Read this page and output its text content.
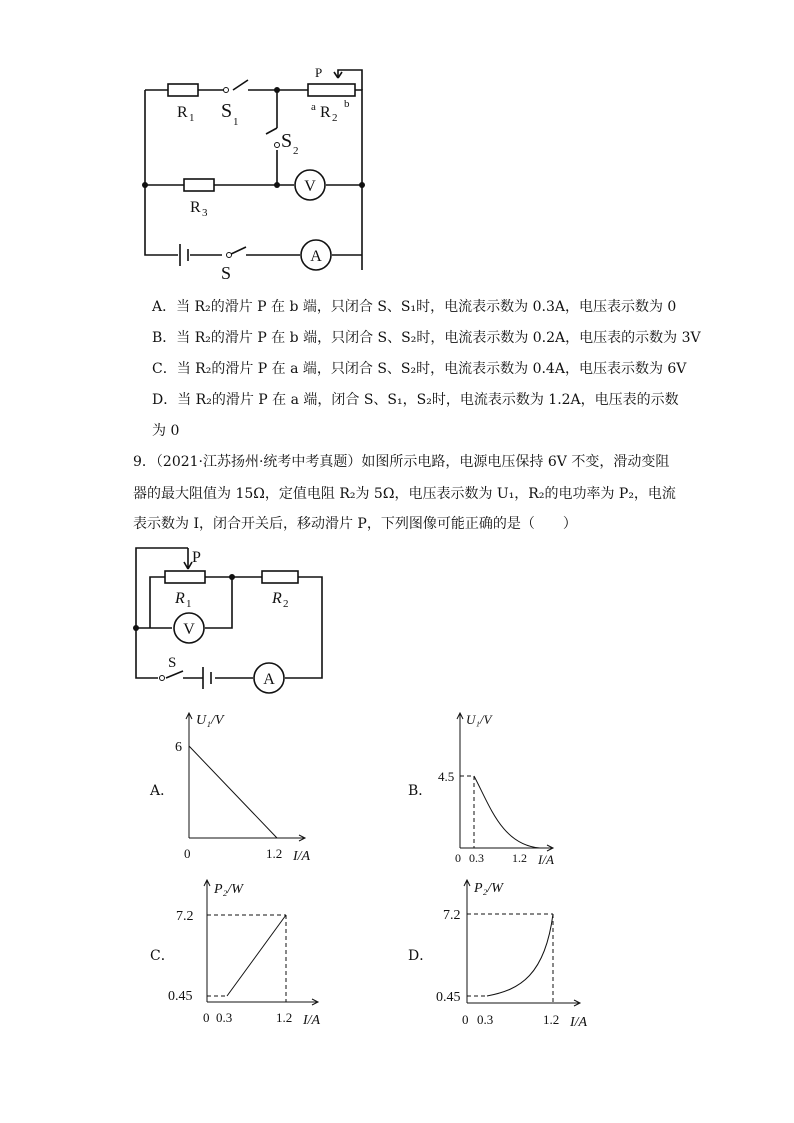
V
A
R 1 S 1
S 2
P
a R 2
b
R 3
S
A．当 R₂的滑片 P 在 b 端，只闭合 S、S₁时，电流表示数为 0.3A，电压表示数为 0
B．当 R₂的滑片 P 在 b 端，只闭合 S、S₂时，电流表示数为 0.2A，电压表的示数为 3V
C．当 R₂的滑片 P 在 a 端，只闭合 S、S₂时，电流表示数为 0.4A，电压表示数为 6V
D．当 R₂的滑片 P 在 a 端，闭合 S、S₁，S₂时，电流表示数为 1.2A，电压表的示数
为 0
9．（2021·江苏扬州·统考中考真题）如图所示电路，电源电压保持 6V 不变，滑动变阻
器的最大阻值为 15Ω，定值电阻 R₂为 5Ω，电压表示数为 U₁，R₂的电功率为 P₂，电流
表示数为 I，闭合开关后，移动滑片 P，下列图像可能正确的是（　　）
V
A
P
R 1	R 2
S
A．
U₁/V
6
0	1.2 I/A
B．
U₁/V
4.5
0 0.3 1.2 I/A
C．
P₂/W
7.2
0.45
0 0.3	1.2 I/A
D．
P₂/W
7.2
0.45
0 0.3	1.2 I/A
